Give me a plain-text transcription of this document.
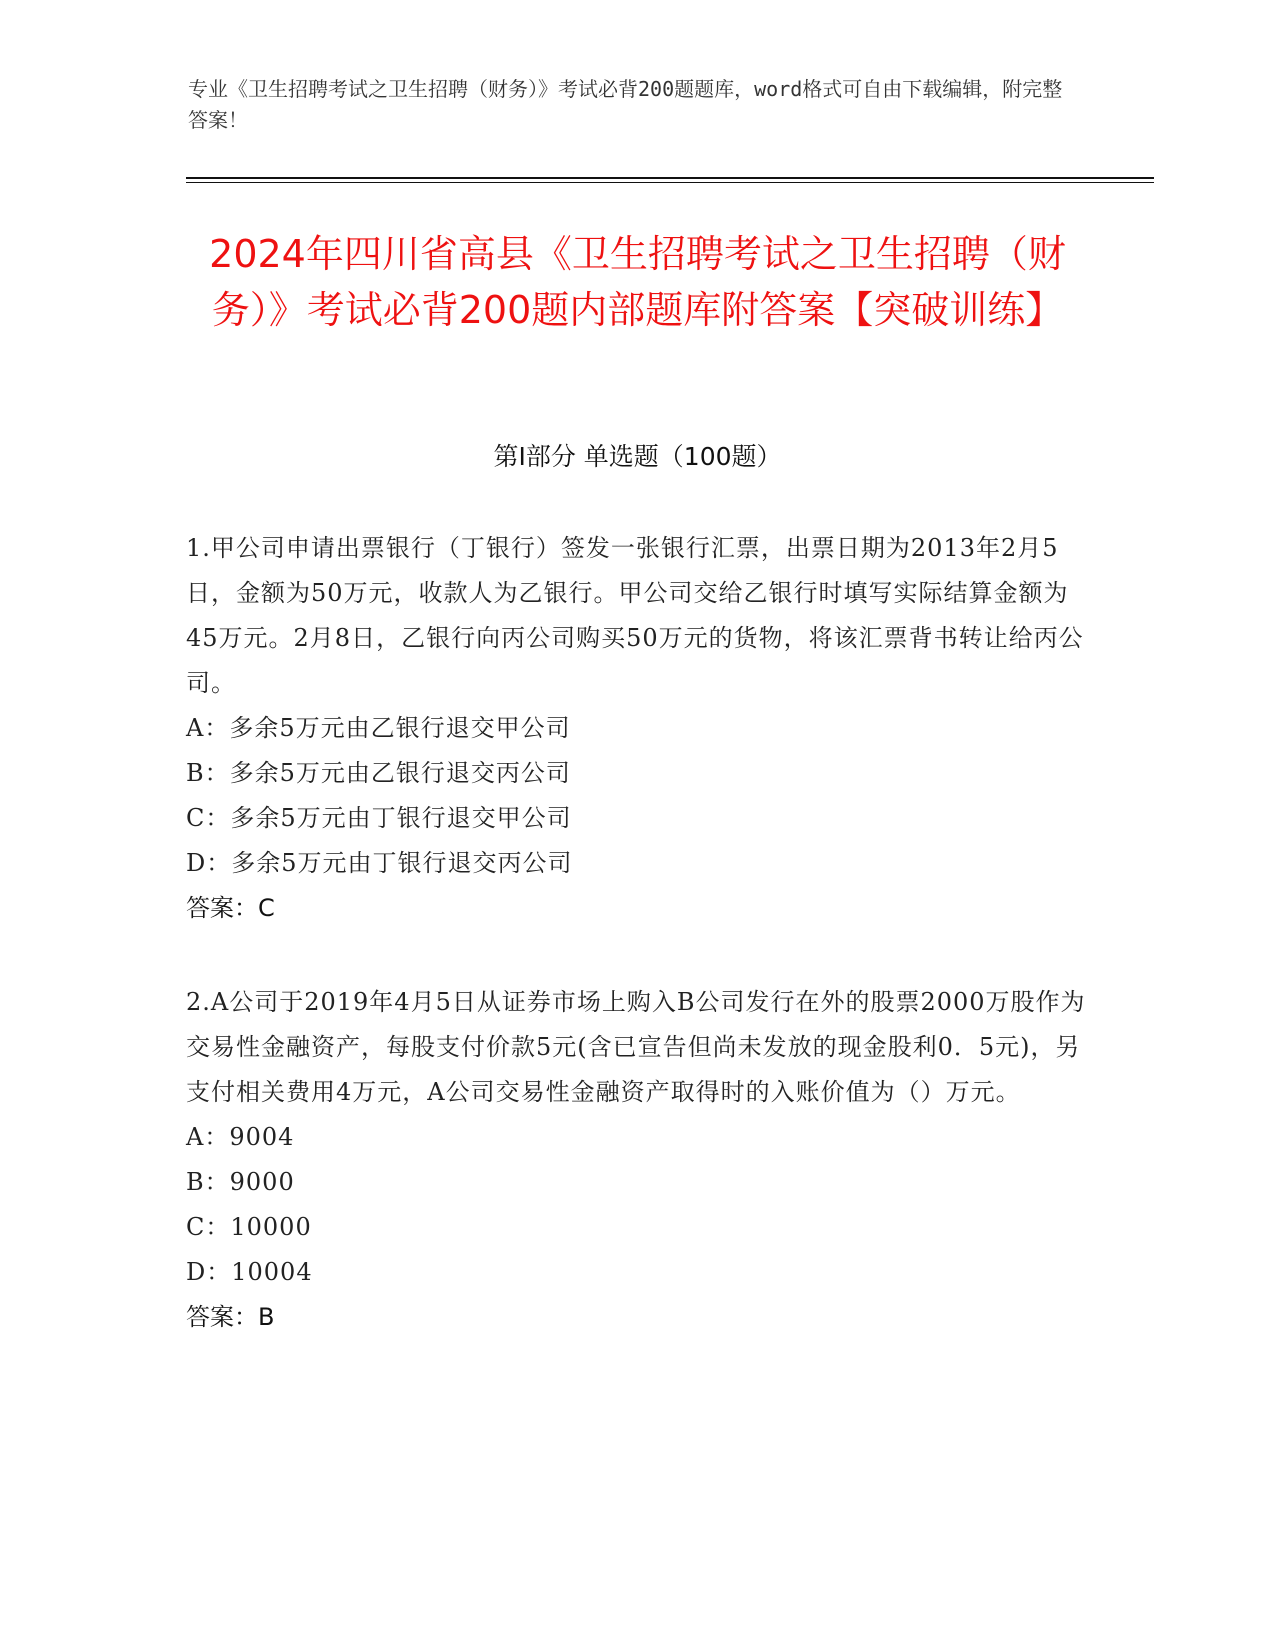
专业《卫生招聘考试之卫生招聘（财务）》考试必背200题题库，word格式可自由下载编辑，附完整答案！
2024年四川省高县《卫生招聘考试之卫生招聘（财务）》考试必背200题内部题库附答案【突破训练】
第I部分 单选题（100题）
1.甲公司申请出票银行（丁银行）签发一张银行汇票，出票日期为2013年2月5日，金额为50万元，收款人为乙银行。甲公司交给乙银行时填写实际结算金额为45万元。2月8日，乙银行向丙公司购买50万元的货物，将该汇票背书转让给丙公司。
A：多余5万元由乙银行退交甲公司
B：多余5万元由乙银行退交丙公司
C：多余5万元由丁银行退交甲公司
D：多余5万元由丁银行退交丙公司
答案：C
2.A公司于2019年4月5日从证券市场上购入B公司发行在外的股票2000万股作为交易性金融资产，每股支付价款5元(含已宣告但尚未发放的现金股利0．5元)，另支付相关费用4万元，A公司交易性金融资产取得时的入账价值为（）万元。
A：9004
B：9000
C：10000
D：10004
答案：B
